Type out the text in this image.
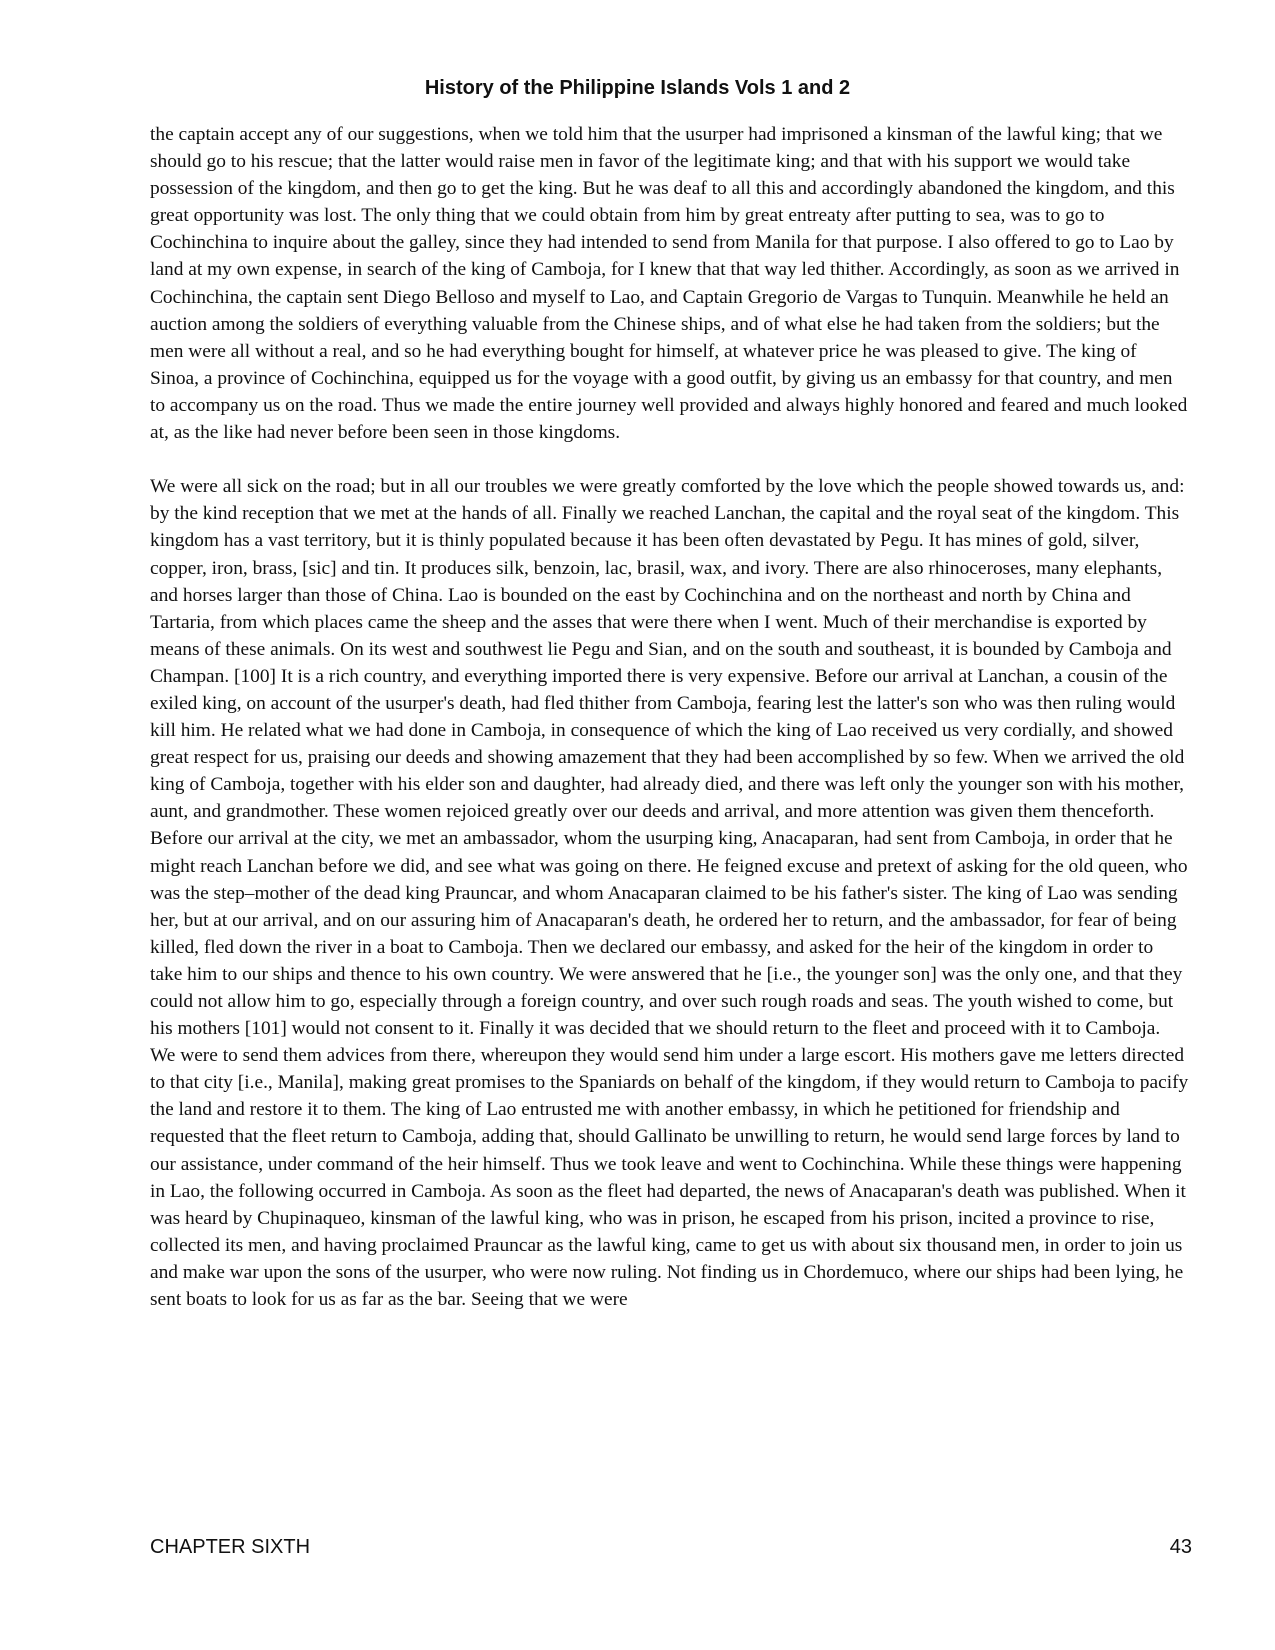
History of the Philippine Islands Vols 1 and 2

the captain accept any of our suggestions, when we told him that the usurper had imprisoned a kinsman of the lawful king; that we should go to his rescue; that the latter would raise men in favor of the legitimate king; and that with his support we would take possession of the kingdom, and then go to get the king. But he was deaf to all this and accordingly abandoned the kingdom, and this great opportunity was lost. The only thing that we could obtain from him by great entreaty after putting to sea, was to go to Cochinchina to inquire about the galley, since they had intended to send from Manila for that purpose. I also offered to go to Lao by land at my own expense, in search of the king of Camboja, for I knew that that way led thither. Accordingly, as soon as we arrived in Cochinchina, the captain sent Diego Belloso and myself to Lao, and Captain Gregorio de Vargas to Tunquin. Meanwhile he held an auction among the soldiers of everything valuable from the Chinese ships, and of what else he had taken from the soldiers; but the men were all without a real, and so he had everything bought for himself, at whatever price he was pleased to give. The king of Sinoa, a province of Cochinchina, equipped us for the voyage with a good outfit, by giving us an embassy for that country, and men to accompany us on the road. Thus we made the entire journey well provided and always highly honored and feared and much looked at, as the like had never before been seen in those kingdoms.

We were all sick on the road; but in all our troubles we were greatly comforted by the love which the people showed towards us, and: by the kind reception that we met at the hands of all. Finally we reached Lanchan, the capital and the royal seat of the kingdom. This kingdom has a vast territory, but it is thinly populated because it has been often devastated by Pegu. It has mines of gold, silver, copper, iron, brass, [sic] and tin. It produces silk, benzoin, lac, brasil, wax, and ivory. There are also rhinoceroses, many elephants, and horses larger than those of China. Lao is bounded on the east by Cochinchina and on the northeast and north by China and Tartaria, from which places came the sheep and the asses that were there when I went. Much of their merchandise is exported by means of these animals. On its west and southwest lie Pegu and Sian, and on the south and southeast, it is bounded by Camboja and Champan. [100] It is a rich country, and everything imported there is very expensive. Before our arrival at Lanchan, a cousin of the exiled king, on account of the usurper's death, had fled thither from Camboja, fearing lest the latter's son who was then ruling would kill him. He related what we had done in Camboja, in consequence of which the king of Lao received us very cordially, and showed great respect for us, praising our deeds and showing amazement that they had been accomplished by so few. When we arrived the old king of Camboja, together with his elder son and daughter, had already died, and there was left only the younger son with his mother, aunt, and grandmother. These women rejoiced greatly over our deeds and arrival, and more attention was given them thenceforth. Before our arrival at the city, we met an ambassador, whom the usurping king, Anacaparan, had sent from Camboja, in order that he might reach Lanchan before we did, and see what was going on there. He feigned excuse and pretext of asking for the old queen, who was the step–mother of the dead king Prauncar, and whom Anacaparan claimed to be his father's sister. The king of Lao was sending her, but at our arrival, and on our assuring him of Anacaparan's death, he ordered her to return, and the ambassador, for fear of being killed, fled down the river in a boat to Camboja. Then we declared our embassy, and asked for the heir of the kingdom in order to take him to our ships and thence to his own country. We were answered that he [i.e., the younger son] was the only one, and that they could not allow him to go, especially through a foreign country, and over such rough roads and seas. The youth wished to come, but his mothers [101] would not consent to it. Finally it was decided that we should return to the fleet and proceed with it to Camboja. We were to send them advices from there, whereupon they would send him under a large escort. His mothers gave me letters directed to that city [i.e., Manila], making great promises to the Spaniards on behalf of the kingdom, if they would return to Camboja to pacify the land and restore it to them. The king of Lao entrusted me with another embassy, in which he petitioned for friendship and requested that the fleet return to Camboja, adding that, should Gallinato be unwilling to return, he would send large forces by land to our assistance, under command of the heir himself. Thus we took leave and went to Cochinchina. While these things were happening in Lao, the following occurred in Camboja. As soon as the fleet had departed, the news of Anacaparan's death was published. When it was heard by Chupinaqueo, kinsman of the lawful king, who was in prison, he escaped from his prison, incited a province to rise, collected its men, and having proclaimed Prauncar as the lawful king, came to get us with about six thousand men, in order to join us and make war upon the sons of the usurper, who were now ruling. Not finding us in Chordemuco, where our ships had been lying, he sent boats to look for us as far as the bar. Seeing that we were

CHAPTER SIXTH	43
